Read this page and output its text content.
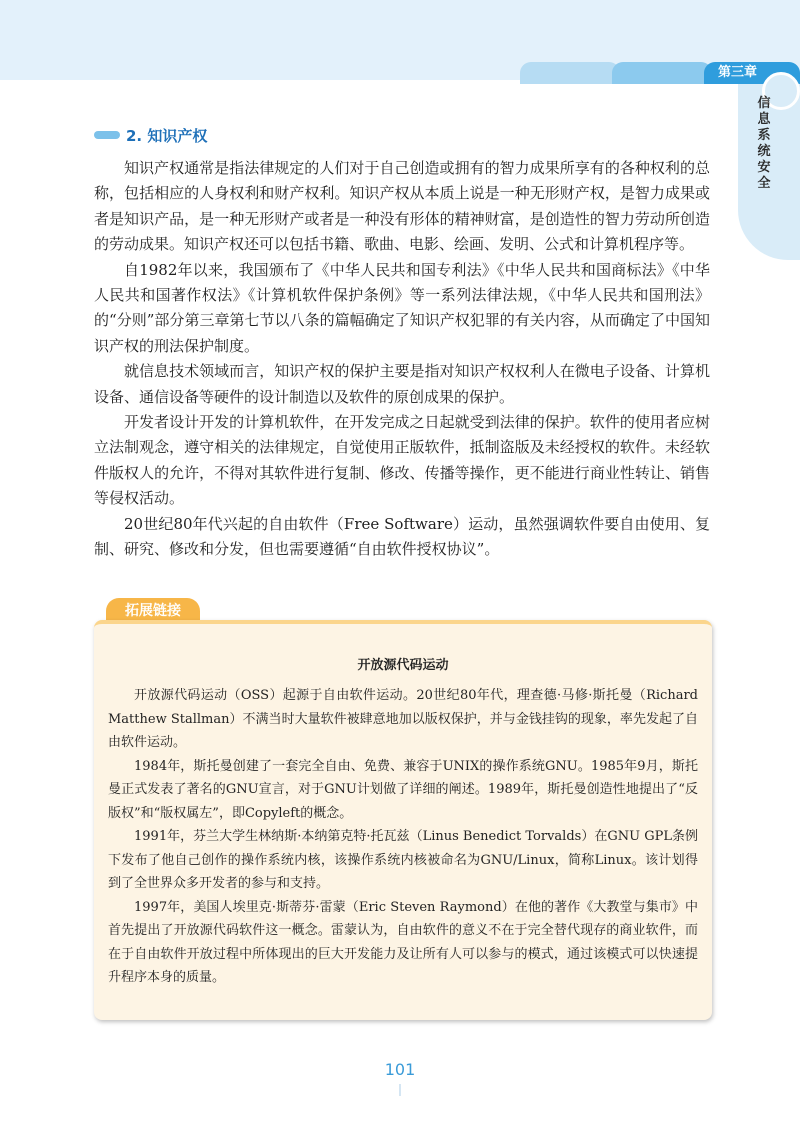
第三章
信息系统安全
2. 知识产权

知识产权通常是指法律规定的人们对于自己创造或拥有的智力成果所享有的各种权利的总称，包括相应的人身权利和财产权利。知识产权从本质上说是一种无形财产权，是智力成果或者是知识产品，是一种无形财产或者是一种没有形体的精神财富，是创造性的智力劳动所创造的劳动成果。知识产权还可以包括书籍、歌曲、电影、绘画、发明、公式和计算机程序等。

自1982年以来，我国颁布了《中华人民共和国专利法》《中华人民共和国商标法》《中华人民共和国著作权法》《计算机软件保护条例》等一系列法律法规，《中华人民共和国刑法》的“分则”部分第三章第七节以八条的篇幅确定了知识产权犯罪的有关内容，从而确定了中国知识产权的刑法保护制度。

就信息技术领域而言，知识产权的保护主要是指对知识产权权利人在微电子设备、计算机设备、通信设备等硬件的设计制造以及软件的原创成果的保护。

开发者设计开发的计算机软件，在开发完成之日起就受到法律的保护。软件的使用者应树立法制观念，遵守相关的法律规定，自觉使用正版软件，抵制盗版及未经授权的软件。未经软件版权人的允许，不得对其软件进行复制、修改、传播等操作，更不能进行商业性转让、销售等侵权活动。

20世纪80年代兴起的自由软件（Free Software）运动，虽然强调软件要自由使用、复制、研究、修改和分发，但也需要遵循“自由软件授权协议”。

拓展链接
开放源代码运动

开放源代码运动（OSS）起源于自由软件运动。20世纪80年代，理查德·马修·斯托曼（Richard Matthew Stallman）不满当时大量软件被肆意地加以版权保护，并与金钱挂钩的现象，率先发起了自由软件运动。

1984年，斯托曼创建了一套完全自由、免费、兼容于UNIX的操作系统GNU。1985年9月，斯托曼正式发表了著名的GNU宣言，对于GNU计划做了详细的阐述。1989年，斯托曼创造性地提出了“反版权”和“版权属左”，即Copyleft的概念。

1991年，芬兰大学生林纳斯·本纳第克特·托瓦兹（Linus Benedict Torvalds）在GNU GPL条例下发布了他自己创作的操作系统内核，该操作系统内核被命名为GNU/Linux，简称Linux。该计划得到了全世界众多开发者的参与和支持。

1997年，美国人埃里克·斯蒂芬·雷蒙（Eric Steven Raymond）在他的著作《大教堂与集市》中首先提出了开放源代码软件这一概念。雷蒙认为，自由软件的意义不在于完全替代现存的商业软件，而在于自由软件开放过程中所体现出的巨大开发能力及让所有人可以参与的模式，通过该模式可以快速提升程序本身的质量。

101
